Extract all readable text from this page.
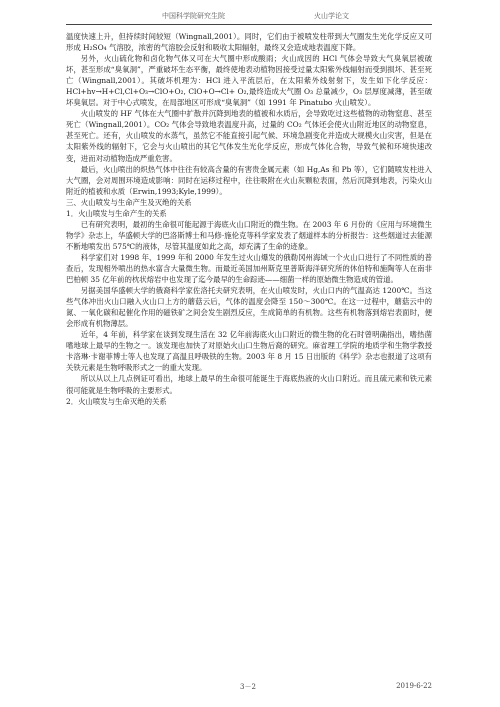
中国科学院研究生院	火山学论文

温度快速上升，但持续时间较短（Wingnall,2001）。同时，它们由于被喷发柱带到大气圈发生光化学反应又可形成 H₂SO₄ 气溶胶，浓密的气溶胶会反射和吸收太阳辐射，最终又会造成地表温度下降。

另外，火山硫化物和卤化物气体又可在大气圈中形成酸雨；火山成因的 HCl 气体会导致大气臭氧层被破坏，甚至形成“臭氧洞”，严重破坏生态平衡，最终使地表动植物因接受过量太阳紫外线辐射而受到损坏、甚至死亡（Wingnall,2001）。其破坏机理为：HCl 进入平流层后，在太阳紫外线射射下，发生如下化学反应：HCl+hv→H+Cl,Cl+O₃→ClO+O₂, ClO+O→Cl+ O₂,最终造成大气圈 O₃ 总量减少，O₃ 层厚度减薄，甚至破坏臭氧层。对于中心式喷发，在局部地区可形成“臭氧洞”（如 1991 年 Pinatubo 火山喷发）。

火山喷发的 HF 气体在大气圈中扩散并沉降到地表的植被和水质后，会导致吃过这些植物的动物窒息、甚至死亡（Wingnall,2001）。CO₂ 气体会导致地表温度升高，过量的 CO₂ 气体还会使火山附近地区的动物窒息，甚至死亡。还有，火山喷发的水蒸气，虽然它不能直接引起气候、环境急剧变化并造成大规模火山灾害，但是在太阳紫外线的辐射下，它会与火山喷出的其它气体发生光化学反应，形成气体化合物，导致气候和环境快速改变，进而对动植物造成严重危害。

最后，火山喷出的炽热气体中往往有较高含量的有害贵金属元素（如 Hg,As 和 Pb 等），它们随喷发柱进入大气圈，会对周围环境造成影响：同时在运移过程中，往往吸附在火山灰颗粒表面，然后沉降到地表，污染火山附近的植被和水质（Erwin,1993;Kyle,1999）。

三、火山喷发与生命产生及灭绝的关系

1．火山喷发与生命产生的关系

已有研究表明，最初的生命很可能起源于海底火山口附近的微生物。在 2003 年 6 月份的《应用与环境微生物学》杂志上，华盛顿大学的巴洛斯博士和马修·施伦克等科学家发表了烟道样本的分析报告：这些烟道过去能源不断地喷发出 575℃的液体，尽管其温度如此之高，却充满了生命的迹象。

科学家们对 1998 年、1999 年和 2000 年发生过火山爆发的俄勒冈州海域一个火山口进行了不同性质的普查后，发现相外喷出的热水富含大量微生物。而最近美国加州斯克里普斯海洋研究所的休伯特和施陶等人在南非巴柏顿 35 亿年前的枕状熔岩中也发现了迄今最早的生命踪迹——细菌一样的原始微生物造成的管道。

另据美国华盛顿大学的俄裔科学家佐洛托夫研究表明，在火山喷发时，火山口内的气温高达 1200℃。当这些气体冲出火山口融入火山口上方的蘑菇云后，气体的温度会降至 150～300℃。在这一过程中，蘑菇云中的氮、一氧化碳和起催化作用的磁铁矿之间会发生剧烈反应，生成简单的有机物。这些有机物落到熔岩表面时，便会形成有机物薄层。

近年，4 年前，科学家在谈到发现生活在 32 亿年前海底火山口附近的微生物的化石时曾明确指出，嗜热菌嗜地球上最早的生物之一。该发现也加快了对原始火山口生物后裔的研究。麻省理工学院的地质学和生物学教授卡洛琳·卡谢菲博士等人也发现了高温且呼吸铁的生物。2003 年 8 月 15 日出版的《科学》杂志也报道了这项有关铁元素是生物呼吸形式之一的重大发现。

所以从以上几点例证可看出，地球上最早的生命很可能诞生于海底热液的火山口附近。而且硫元素和铁元素很可能就是生物呼吸的主要形式。

2．火山喷发与生命灭绝的关系

3－2	2019-6-22
